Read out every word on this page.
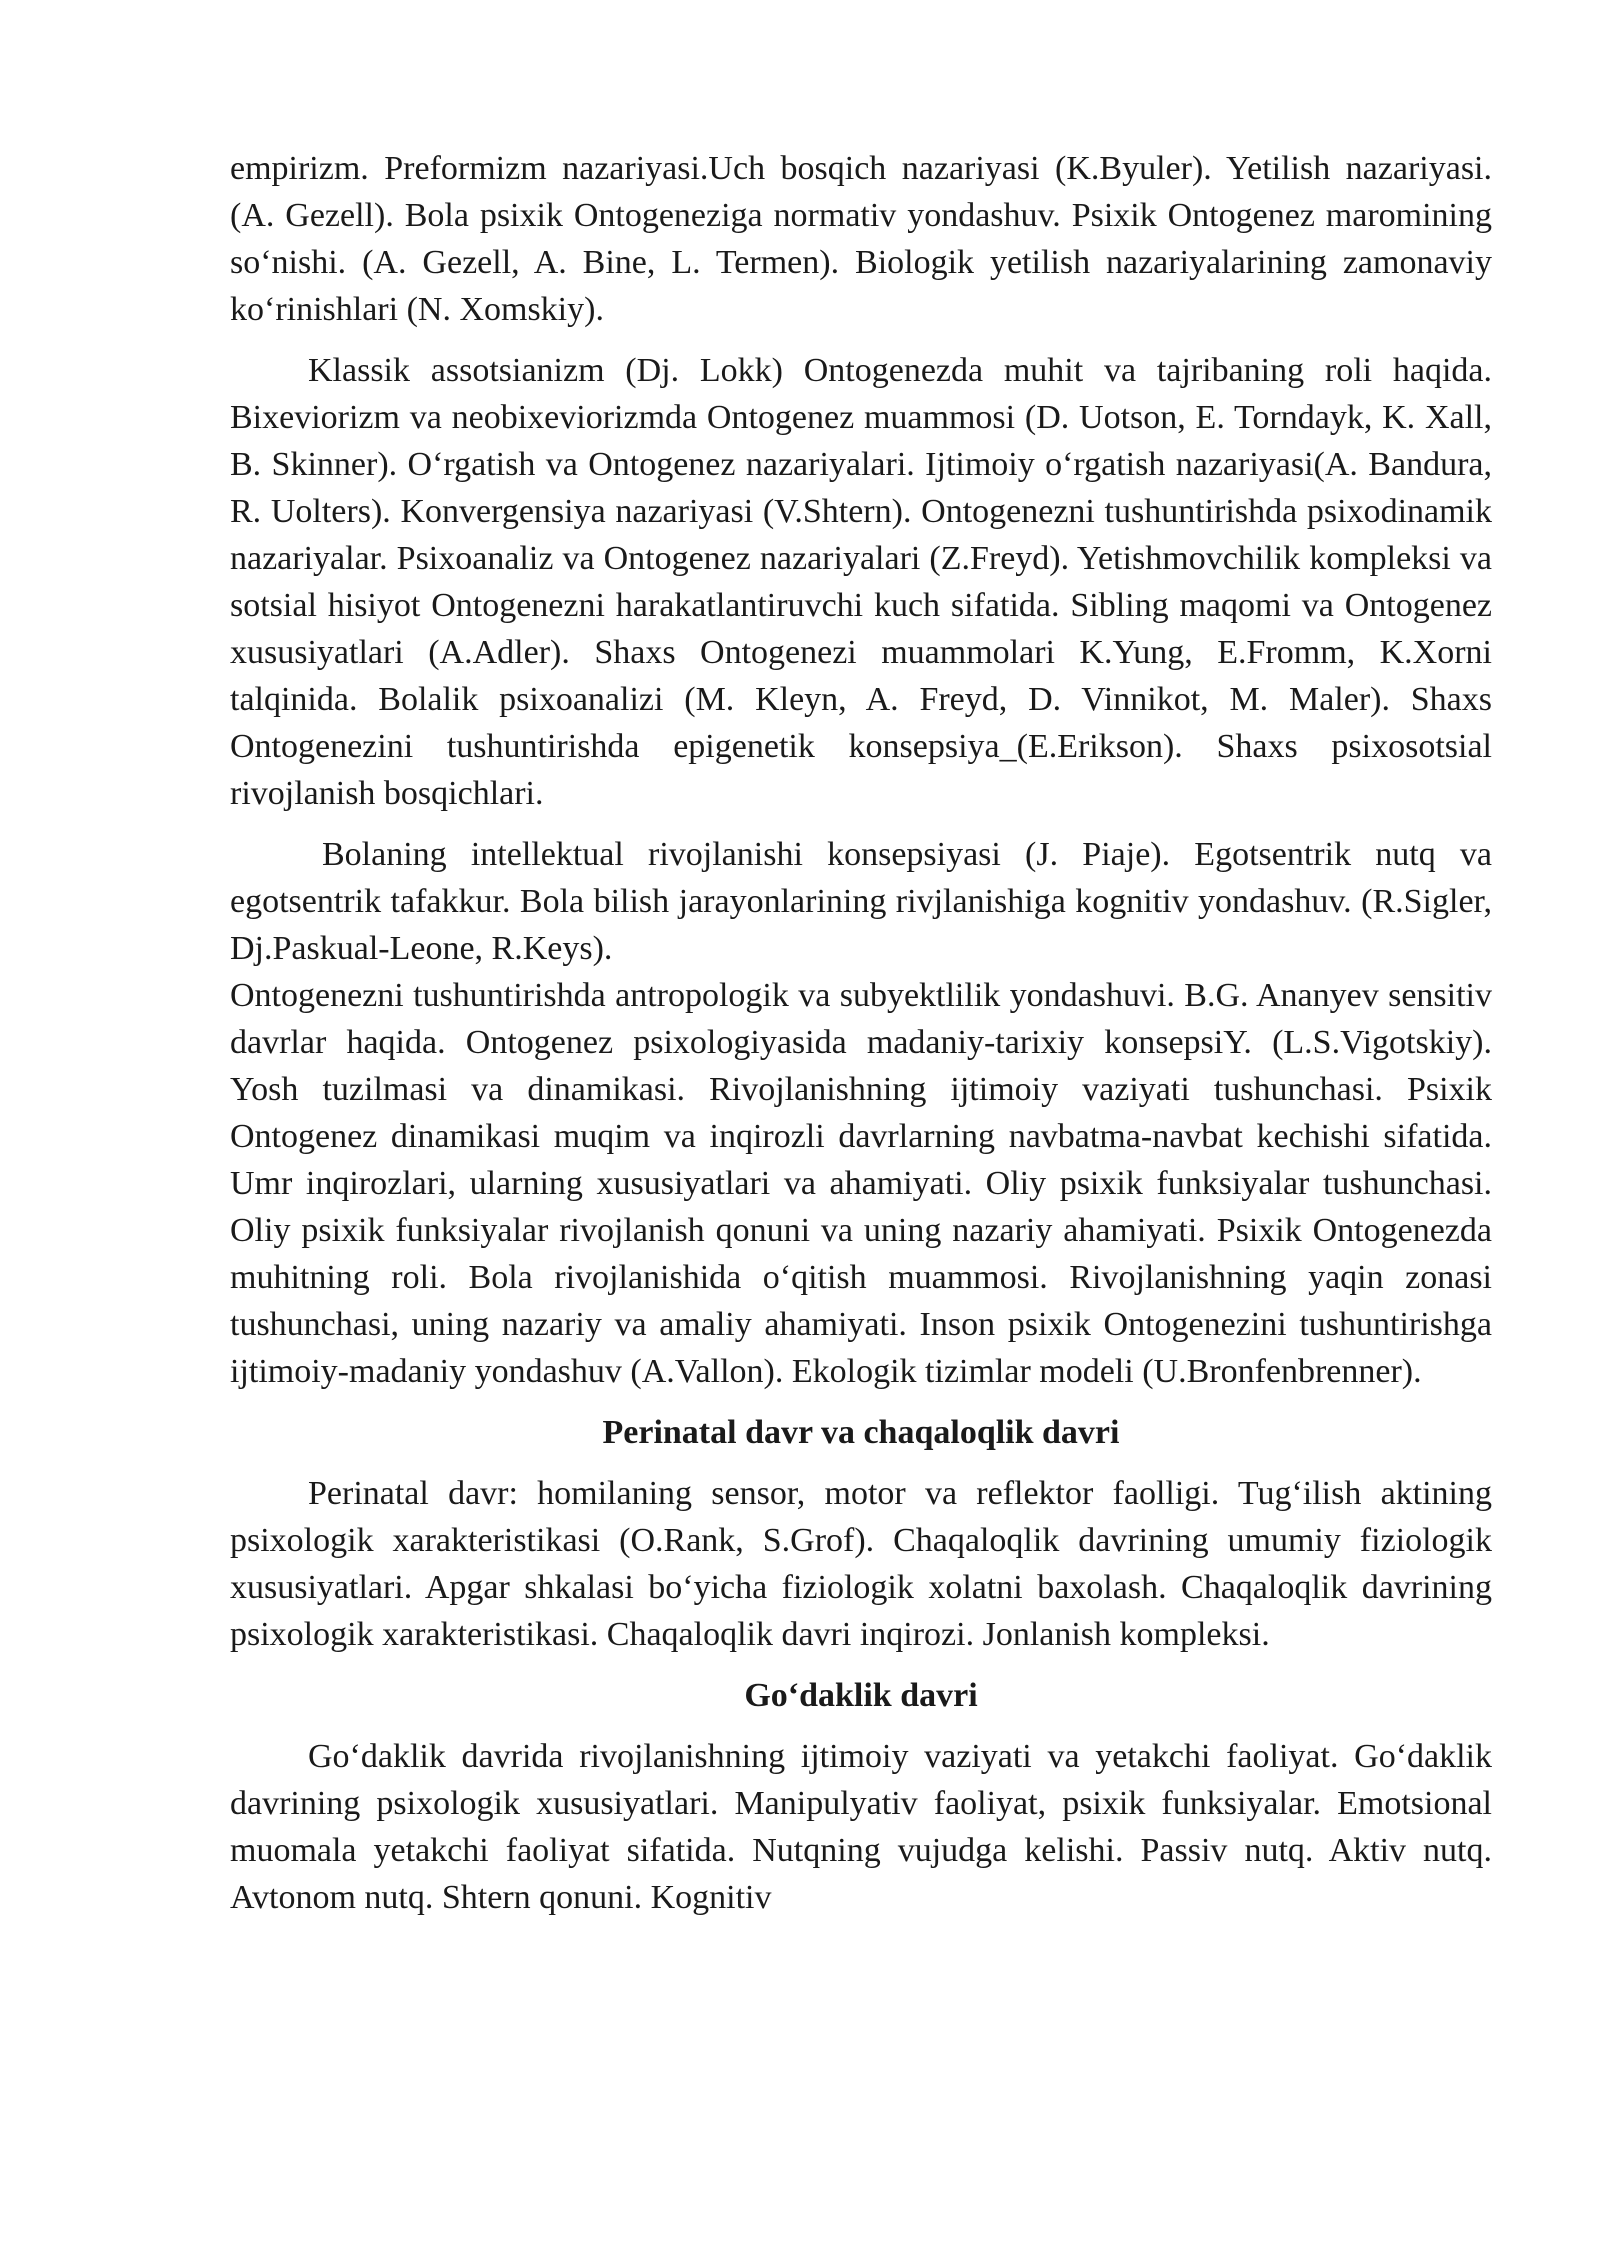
empirizm. Preformizm nazariyasi.Uch bosqich nazariyasi (K.Byuler). Yetilish nazariyasi. (A. Gezell). Bola psixik Ontogeneziga normativ yondashuv. Psixik Ontogenez maromining so‘nishi. (A. Gezell, A. Bine, L. Termen). Biologik yetilish nazariyalarining zamonaviy ko‘rinishlari (N. Xomskiy).

Klassik assotsianizm (Dj. Lokk) Ontogenezda muhit va tajribaning roli haqida. Bixeviorizm va neobixeviorizmda Ontogenez muammosi (D. Uotson, E. Torndayk, K. Xall, B. Skinner). O‘rgatish va Ontogenez nazariyalari. Ijtimoiy o‘rgatish nazariyasi(A. Bandura, R. Uolters). Konvergensiya nazariyasi (V.Shtern). Ontogenezni tushuntirishda psixodinamik nazariyalar. Psixoanaliz va Ontogenez nazariyalari (Z.Freyd). Yetishmovchilik kompleksi va sotsial hisiyot Ontogenezni harakatlantiruvchi kuch sifatida. Sibling maqomi va Ontogenez xususiyatlari (A.Adler). Shaxs Ontogenezi muammolari K.Yung, E.Fromm, K.Xorni talqinida. Bolalik psixoanalizi (M. Kleyn, A. Freyd, D. Vinnikot, M. Maler). Shaxs Ontogenezini tushuntirishda epigenetik konsepsiya_(E.Erikson). Shaxs psixosotsial rivojlanish bosqichlari.

Bolaning intellektual rivojlanishi konsepsiyasi (J. Piaje). Egotsentrik nutq va egotsentrik tafakkur. Bola bilish jarayonlarining rivjlanishiga kognitiv yondashuv. (R.Sigler, Dj.Paskual-Leone, R.Keys).

Ontogenezni tushuntirishda antropologik va subyektlilik yondashuvi. B.G. Ananyev sensitiv davrlar haqida. Ontogenez psixologiyasida madaniy-tarixiy konsepsiY. (L.S.Vigotskiy). Yosh tuzilmasi va dinamikasi. Rivojlanishning ijtimoiy vaziyati tushunchasi. Psixik Ontogenez dinamikasi muqim va inqirozli davrlarning navbatma-navbat kechishi sifatida. Umr inqirozlari, ularning xususiyatlari va ahamiyati. Oliy psixik funksiyalar tushunchasi. Oliy psixik funksiyalar rivojlanish qonuni va uning nazariy ahamiyati. Psixik Ontogenezda muhitning roli. Bola rivojlanishida o‘qitish muammosi. Rivojlanishning yaqin zonasi tushunchasi, uning nazariy va amaliy ahamiyati. Inson psixik Ontogenezini tushuntirishga ijtimoiy-madaniy yondashuv (A.Vallon). Ekologik tizimlar modeli (U.Bronfenbrenner).

Perinatal davr va chaqaloqlik davri

Perinatal davr: homilaning sensor, motor va reflektor faolligi. Tug‘ilish aktining psixologik xarakteristikasi (O.Rank, S.Grof). Chaqaloqlik davrining umumiy fiziologik xususiyatlari. Apgar shkalasi bo‘yicha fiziologik xolatni baxolash. Chaqaloqlik davrining psixologik xarakteristikasi. Chaqaloqlik davri inqirozi. Jonlanish kompleksi.

Go‘daklik davri

Go‘daklik davrida rivojlanishning ijtimoiy vaziyati va yetakchi faoliyat. Go‘daklik davrining psixologik xususiyatlari. Manipulyativ faoliyat, psixik funksiyalar. Emotsional muomala yetakchi faoliyat sifatida. Nutqning vujudga kelishi. Passiv nutq. Aktiv nutq. Avtonom nutq. Shtern qonuni. Kognitiv
